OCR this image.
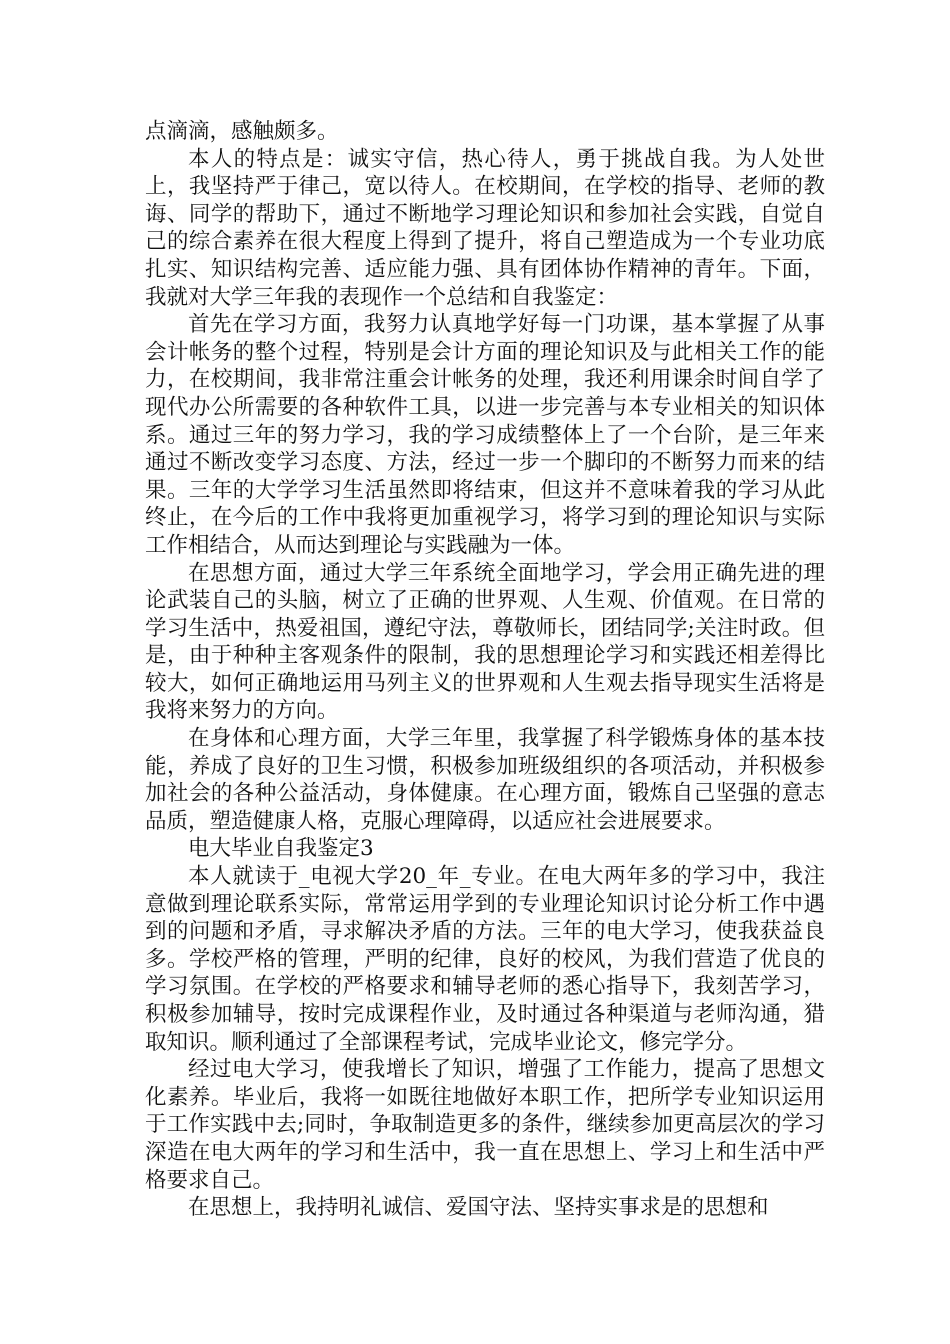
点滴滴，感触颇多。

本人的特点是：诚实守信，热心待人，勇于挑战自我。为人处世上，我坚持严于律己，宽以待人。在校期间，在学校的指导、老师的教诲、同学的帮助下，通过不断地学习理论知识和参加社会实践，自觉自己的综合素养在很大程度上得到了提升，将自己塑造成为一个专业功底扎实、知识结构完善、适应能力强、具有团体协作精神的青年。下面，我就对大学三年我的表现作一个总结和自我鉴定：

首先在学习方面，我努力认真地学好每一门功课，基本掌握了从事会计帐务的整个过程，特别是会计方面的理论知识及与此相关工作的能力，在校期间，我非常注重会计帐务的处理，我还利用课余时间自学了现代办公所需要的各种软件工具，以进一步完善与本专业相关的知识体系。通过三年的努力学习，我的学习成绩整体上了一个台阶，是三年来通过不断改变学习态度、方法，经过一步一个脚印的不断努力而来的结果。三年的大学学习生活虽然即将结束，但这并不意味着我的学习从此终止，在今后的工作中我将更加重视学习，将学习到的理论知识与实际工作相结合，从而达到理论与实践融为一体。

在思想方面，通过大学三年系统全面地学习，学会用正确先进的理论武装自己的头脑，树立了正确的世界观、人生观、价值观。在日常的学习生活中，热爱祖国，遵纪守法，尊敬师长，团结同学;关注时政。但是，由于种种主客观条件的限制，我的思想理论学习和实践还相差得比较大，如何正确地运用马列主义的世界观和人生观去指导现实生活将是我将来努力的方向。

在身体和心理方面，大学三年里，我掌握了科学锻炼身体的基本技能，养成了良好的卫生习惯，积极参加班级组织的各项活动，并积极参加社会的各种公益活动，身体健康。在心理方面，锻炼自己坚强的意志品质，塑造健康人格，克服心理障碍，以适应社会进展要求。

电大毕业自我鉴定3

本人就读于_电视大学20_年_专业。在电大两年多的学习中，我注意做到理论联系实际，常常运用学到的专业理论知识讨论分析工作中遇到的问题和矛盾，寻求解决矛盾的方法。三年的电大学习，使我获益良多。学校严格的管理，严明的纪律，良好的校风，为我们营造了优良的学习氛围。在学校的严格要求和辅导老师的悉心指导下，我刻苦学习，积极参加辅导，按时完成课程作业，及时通过各种渠道与老师沟通，猎取知识。顺利通过了全部课程考试，完成毕业论文，修完学分。

经过电大学习，使我增长了知识，增强了工作能力，提高了思想文化素养。毕业后，我将一如既往地做好本职工作，把所学专业知识运用于工作实践中去;同时，争取制造更多的条件，继续参加更高层次的学习深造在电大两年的学习和生活中，我一直在思想上、学习上和生活中严格要求自己。

在思想上，我持明礼诚信、爱国守法、坚持实事求是的思想和
